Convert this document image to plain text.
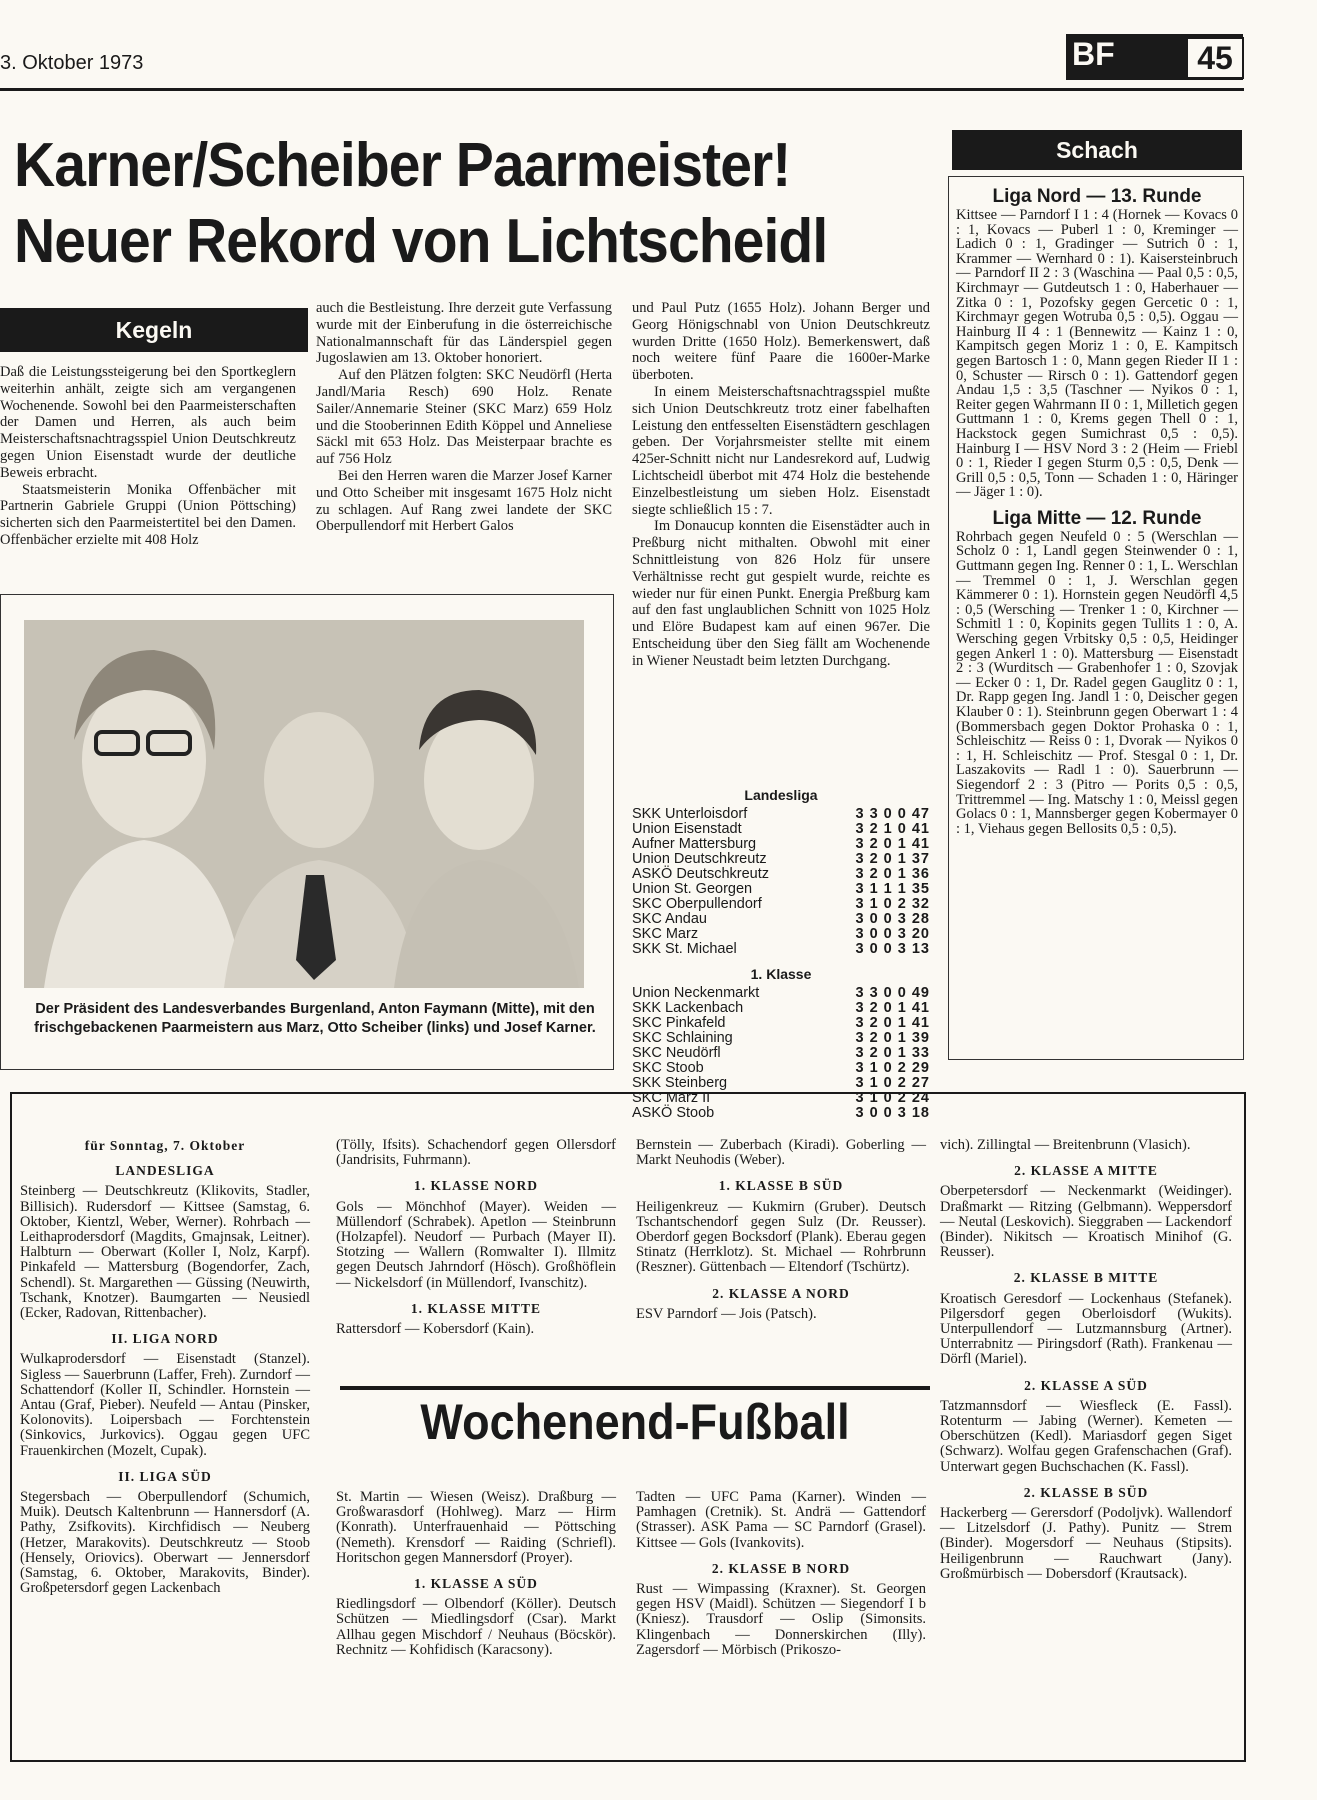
3. Oktober 1973	BF	45
Karner/Scheiber Paarmeister!
Neuer Rekord von Lichtscheidl
Kegeln

Daß die Leistungssteigerung bei den Sportkeglern weiterhin anhält, zeigte sich am vergangenen Wochenende. Sowohl bei den Paarmeisterschaften der Damen und Herren, als auch beim Meisterschaftsnachtragsspiel Union Deutschkreutz gegen Union Eisenstadt wurde der deutliche Beweis erbracht.

Staatsmeisterin Monika Offenbächer mit Partnerin Gabriele Gruppi (Union Pöttsching) sicherten sich den Paarmeistertitel bei den Damen. Offenbächer erzielte mit 408 Holz

auch die Bestleistung. Ihre derzeit gute Verfassung wurde mit der Einberufung in die österreichische Nationalmannschaft für das Länderspiel gegen Jugoslawien am 13. Oktober honoriert.

Auf den Plätzen folgten: SKC Neudörfl (Herta Jandl/Maria Resch) 690 Holz. Renate Sailer/Annemarie Steiner (SKC Marz) 659 Holz und die Stooberinnen Edith Köppel und Anneliese Säckl mit 653 Holz. Das Meisterpaar brachte es auf 756 Holz

Bei den Herren waren die Marzer Josef Karner und Otto Scheiber mit insgesamt 1675 Holz nicht zu schlagen. Auf Rang zwei landete der SKC Oberpullendorf mit Herbert Galos

und Paul Putz (1655 Holz). Johann Berger und Georg Hönigschnabl von Union Deutschkreutz wurden Dritte (1650 Holz). Bemerkenswert, daß noch weitere fünf Paare die 1600er-Marke überboten.

In einem Meisterschaftsnachtragsspiel mußte sich Union Deutschkreutz trotz einer fabelhaften Leistung den entfesselten Eisenstädtern geschlagen geben. Der Vorjahrsmeister stellte mit einem 425er-Schnitt nicht nur Landesrekord auf, Ludwig Lichtscheidl überbot mit 474 Holz die bestehende Einzelbestleistung um sieben Holz. Eisenstadt siegte schließlich 15 : 7.

Im Donaucup konnten die Eisenstädter auch in Preßburg nicht mithalten. Obwohl mit einer Schnittleistung von 826 Holz für unsere Verhältnisse recht gut gespielt wurde, reichte es wieder nur für einen Punkt. Energia Preßburg kam auf den fast unglaublichen Schnitt von 1025 Holz und Elöre Budapest kam auf einen 967er. Die Entscheidung über den Sieg fällt am Wochenende in Wiener Neustadt beim letzten Durchgang.

Der Präsident des Landesverbandes Burgenland, Anton Faymann (Mitte), mit den frischgebackenen Paarmeistern aus Marz, Otto Scheiber (links) und Josef Karner.
Landesliga
SKK Unterloisdorf	3 3 0 0 47
Union Eisenstadt	3 2 1 0 41
Aufner Mattersburg	3 2 0 1 41
Union Deutschkreutz	3 2 0 1 37
ASKÖ Deutschkreutz	3 2 0 1 36
Union St. Georgen	3 1 1 1 35
SKC Oberpullendorf	3 1 0 2 32
SKC Andau	3 0 0 3 28
SKC Marz	3 0 0 3 20
SKK St. Michael	3 0 0 3 13
1. Klasse
Union Neckenmarkt	3 3 0 0 49
SKK Lackenbach	3 2 0 1 41
SKC Pinkafeld	3 2 0 1 41
SKC Schlaining	3 2 0 1 39
SKC Neudörfl	3 2 0 1 33
SKC Stoob	3 1 0 2 29
SKK Steinberg	3 1 0 2 27
SKC Marz II	3 1 0 2 24
ASKÖ Stoob	3 0 0 3 18
Schach
Liga Nord — 13. Runde
Kittsee — Parndorf I 1 : 4 (Hornek — Kovacs 0 : 1, Kovacs — Puberl 1 : 0, Kreminger — Ladich 0 : 1, Gradinger — Sutrich 0 : 1, Krammer — Wernhard 0 : 1). Kaisersteinbruch — Parndorf II 2 : 3 (Waschina — Paal 0,5 : 0,5, Kirchmayr — Gutdeutsch 1 : 0, Haberhauer — Zitka 0 : 1, Pozofsky gegen Gercetic 0 : 1, Kirchmayr gegen Wotruba 0,5 : 0,5). Oggau — Hainburg II 4 : 1 (Bennewitz — Kainz 1 : 0, Kampitsch gegen Moriz 1 : 0, E. Kampitsch gegen Bartosch 1 : 0, Mann gegen Rieder II 1 : 0, Schuster — Rirsch 0 : 1). Gattendorf gegen Andau 1,5 : 3,5 (Taschner — Nyikos 0 : 1, Reiter gegen Wahrmann II 0 : 1, Milletich gegen Guttmann 1 : 0, Krems gegen Thell 0 : 1, Hackstock gegen Sumichrast 0,5 : 0,5). Hainburg I — HSV Nord 3 : 2 (Heim — Friebl 0 : 1, Rieder I gegen Sturm 0,5 : 0,5, Denk — Grill 0,5 : 0,5, Tonn — Schaden 1 : 0, Häringer — Jäger 1 : 0).
Liga Mitte — 12. Runde
Rohrbach gegen Neufeld 0 : 5 (Werschlan — Scholz 0 : 1, Landl gegen Steinwender 0 : 1, Guttmann gegen Ing. Renner 0 : 1, L. Werschlan — Tremmel 0 : 1, J. Werschlan gegen Kämmerer 0 : 1). Hornstein gegen Neudörfl 4,5 : 0,5 (Wersching — Trenker 1 : 0, Kirchner — Schmitl 1 : 0, Kopinits gegen Tullits 1 : 0, A. Wersching gegen Vrbitsky 0,5 : 0,5, Heidinger gegen Ankerl 1 : 0). Mattersburg — Eisenstadt 2 : 3 (Wurditsch — Grabenhofer 1 : 0, Szovjak — Ecker 0 : 1, Dr. Radel gegen Gauglitz 0 : 1, Dr. Rapp gegen Ing. Jandl 1 : 0, Deischer gegen Klauber 0 : 1). Steinbrunn gegen Oberwart 1 : 4 (Bommersbach gegen Doktor Prohaska 0 : 1, Schleischitz — Reiss 0 : 1, Dvorak — Nyikos 0 : 1, H. Schleischitz — Prof. Stesgal 0 : 1, Dr. Laszakovits — Radl 1 : 0). Sauerbrunn — Siegendorf 2 : 3 (Pitro — Porits 0,5 : 0,5, Trittremmel — Ing. Matschy 1 : 0, Meissl gegen Golacs 0 : 1, Mannsberger gegen Kobermayer 0 : 1, Viehaus gegen Bellosits 0,5 : 0,5).
für Sonntag, 7. Oktober
LANDESLIGA
Steinberg — Deutschkreutz (Klikovits, Stadler, Billisich). Rudersdorf — Kittsee (Samstag, 6. Oktober, Kientzl, Weber, Werner). Rohrbach — Leithaprodersdorf (Magdits, Gmajnsak, Leitner). Halbturn — Oberwart (Koller I, Nolz, Karpf). Pinkafeld — Mattersburg (Bogendorfer, Zach, Schendl). St. Margarethen — Güssing (Neuwirth, Tschank, Knotzer). Baumgarten — Neusiedl (Ecker, Radovan, Rittenbacher).
II. LIGA NORD
Wulkaprodersdorf — Eisenstadt (Stanzel). Sigless — Sauerbrunn (Laffer, Freh). Zurndorf — Schattendorf (Koller II, Schindler. Hornstein — Antau (Graf, Pieber). Neufeld — Antau (Pinsker, Kolonovits). Loipersbach — Forchtenstein (Sinkovics, Jurkovics). Oggau gegen UFC Frauenkirchen (Mozelt, Cupak).
II. LIGA SÜD
Stegersbach — Oberpullendorf (Schumich, Muik). Deutsch Kaltenbrunn — Hannersdorf (A. Pathy, Zsifkovits). Kirchfidisch — Neuberg (Hetzer, Marakovits). Deutschkreutz — Stoob (Hensely, Oriovics). Oberwart — Jennersdorf (Samstag, 6. Oktober, Marakovits, Binder). Großpetersdorf gegen Lackenbach
(Tölly, Ifsits). Schachendorf gegen Ollersdorf (Jandrisits, Fuhrmann).
1. KLASSE NORD
Gols — Mönchhof (Mayer). Weiden — Müllendorf (Schrabek). Apetlon — Steinbrunn (Holzapfel). Neudorf — Purbach (Mayer II). Stotzing — Wallern (Romwalter I). Illmitz gegen Deutsch Jahrndorf (Hösch). Großhöflein — Nickelsdorf (in Müllendorf, Ivanschitz).
1. KLASSE MITTE
Rattersdorf — Kobersdorf (Kain).
Bernstein — Zuberbach (Kiradi). Goberling — Markt Neuhodis (Weber).
1. KLASSE B SÜD
Heiligenkreuz — Kukmirn (Gruber). Deutsch Tschantschendorf gegen Sulz (Dr. Reusser). Oberdorf gegen Bocksdorf (Plank). Eberau gegen Stinatz (Herrklotz). St. Michael — Rohrbrunn (Reszner). Güttenbach — Eltendorf (Tschürtz).
2. KLASSE A NORD
ESV Parndorf — Jois (Patsch).
vich). Zillingtal — Breitenbrunn (Vlasich).
2. KLASSE A MITTE
Oberpetersdorf — Neckenmarkt (Weidinger). Draßmarkt — Ritzing (Gelbmann). Weppersdorf — Neutal (Leskovich). Sieggraben — Lackendorf (Binder). Nikitsch — Kroatisch Minihof (G. Reusser).
2. KLASSE B MITTE
Kroatisch Geresdorf — Lockenhaus (Stefanek). Pilgersdorf gegen Oberloisdorf (Wukits). Unterpullendorf — Lutzmannsburg (Artner). Unterrabnitz — Piringsdorf (Rath). Frankenau — Dörfl (Mariel).
2. KLASSE A SÜD
Tatzmannsdorf — Wiesfleck (E. Fassl). Rotenturm — Jabing (Werner). Kemeten — Oberschützen (Kedl). Mariasdorf gegen Siget (Schwarz). Wolfau gegen Grafenschachen (Graf). Unterwart gegen Buchschachen (K. Fassl).
2. KLASSE B SÜD
Hackerberg — Gerersdorf (Podoljvk). Wallendorf — Litzelsdorf (J. Pathy). Punitz — Strem (Binder). Mogersdorf — Neuhaus (Stipsits). Heiligenbrunn — Rauchwart (Jany). Großmürbisch — Dobersdorf (Krautsack).
Wochenend-Fußball
St. Martin — Wiesen (Weisz). Draßburg — Großwarasdorf (Hohlweg). Marz — Hirm (Konrath). Unterfrauenhaid — Pöttsching (Nemeth). Krensdorf — Raiding (Schriefl). Horitschon gegen Mannersdorf (Proyer).
1. KLASSE A SÜD
Riedlingsdorf — Olbendorf (Köller). Deutsch Schützen — Miedlingsdorf (Csar). Markt Allhau gegen Mischdorf / Neuhaus (Böcskör). Rechnitz — Kohfidisch (Karacsony).
Tadten — UFC Pama (Karner). Winden — Pamhagen (Cretnik). St. Andrä — Gattendorf (Strasser). ASK Pama — SC Parndorf (Grasel). Kittsee — Gols (Ivankovits).
2. KLASSE B NORD
Rust — Wimpassing (Kraxner). St. Georgen gegen HSV (Maidl). Schützen — Siegendorf I b (Kniesz). Trausdorf — Oslip (Simonsits. Klingenbach — Donnerskirchen (Illy). Zagersdorf — Mörbisch (Prikoszo-
